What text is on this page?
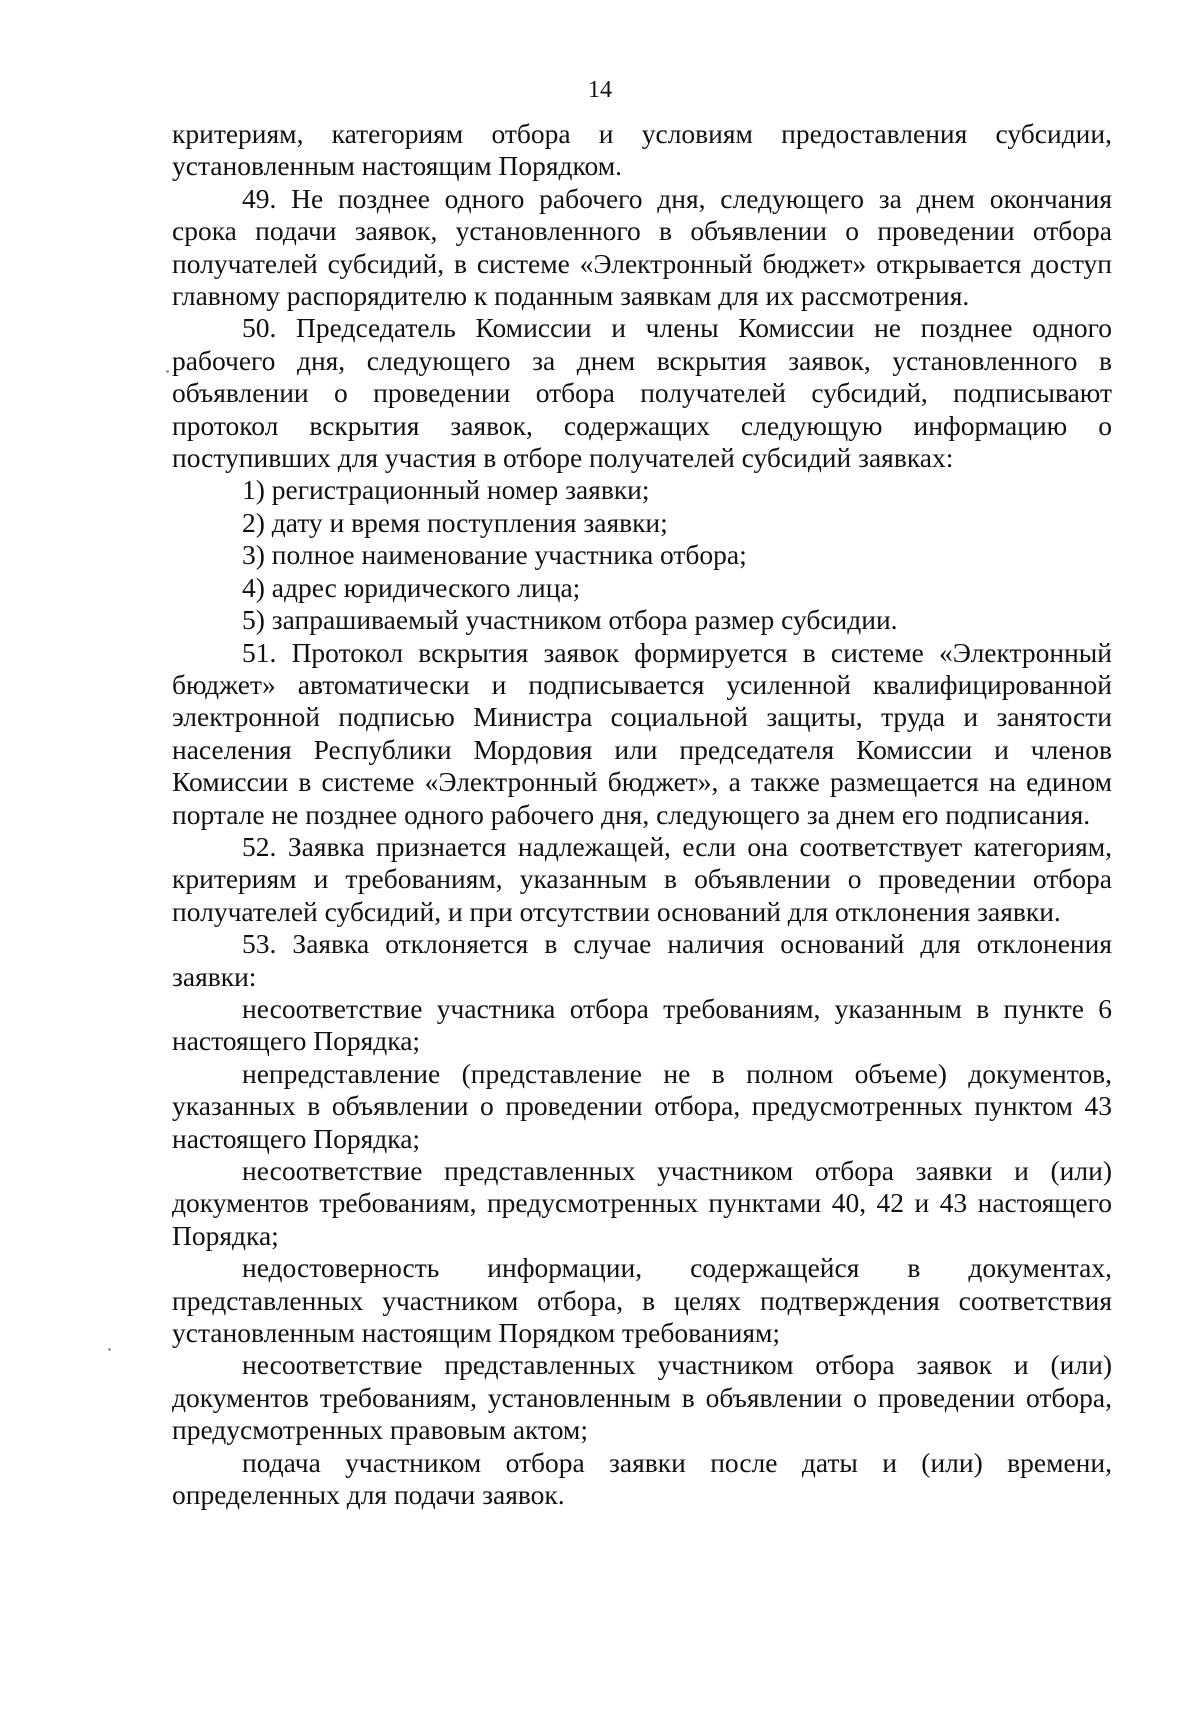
14

критериям, категориям отбора и условиям предоставления субсидии, установленным настоящим Порядком.

49. Не позднее одного рабочего дня, следующего за днем окончания срока подачи заявок, установленного в объявлении о проведении отбора получателей субсидий, в системе «Электронный бюджет» открывается доступ главному распорядителю к поданным заявкам для их рассмотрения.

50. Председатель Комиссии и члены Комиссии не позднее одного рабочего дня, следующего за днем вскрытия заявок, установленного в объявлении о проведении отбора получателей субсидий, подписывают протокол вскрытия заявок, содержащих следующую информацию о поступивших для участия в отборе получателей субсидий заявках:

1) регистрационный номер заявки;

2) дату и время поступления заявки;

3) полное наименование участника отбора;

4) адрес юридического лица;

5) запрашиваемый участником отбора размер субсидии.

51. Протокол вскрытия заявок формируется в системе «Электронный бюджет» автоматически и подписывается усиленной квалифицированной электронной подписью Министра социальной защиты, труда и занятости населения Республики Мордовия или председателя Комиссии и членов Комиссии в системе «Электронный бюджет», а также размещается на едином портале не позднее одного рабочего дня, следующего за днем его подписания.

52. Заявка признается надлежащей, если она соответствует категориям, критериям и требованиям, указанным в объявлении о проведении отбора получателей субсидий, и при отсутствии оснований для отклонения заявки.

53. Заявка отклоняется в случае наличия оснований для отклонения заявки:

несоответствие участника отбора требованиям, указанным в пункте 6 настоящего Порядка;

непредставление (представление не в полном объеме) документов, указанных в объявлении о проведении отбора, предусмотренных пунктом 43 настоящего Порядка;

несоответствие представленных участником отбора заявки и (или) документов требованиям, предусмотренных пунктами 40, 42 и 43 настоящего Порядка;

недостоверность информации, содержащейся в документах, представленных участником отбора, в целях подтверждения соответствия установленным настоящим Порядком требованиям;

несоответствие представленных участником отбора заявок и (или) документов требованиям, установленным в объявлении о проведении отбора, предусмотренных правовым актом;

подача участником отбора заявки после даты и (или) времени, определенных для подачи заявок.
